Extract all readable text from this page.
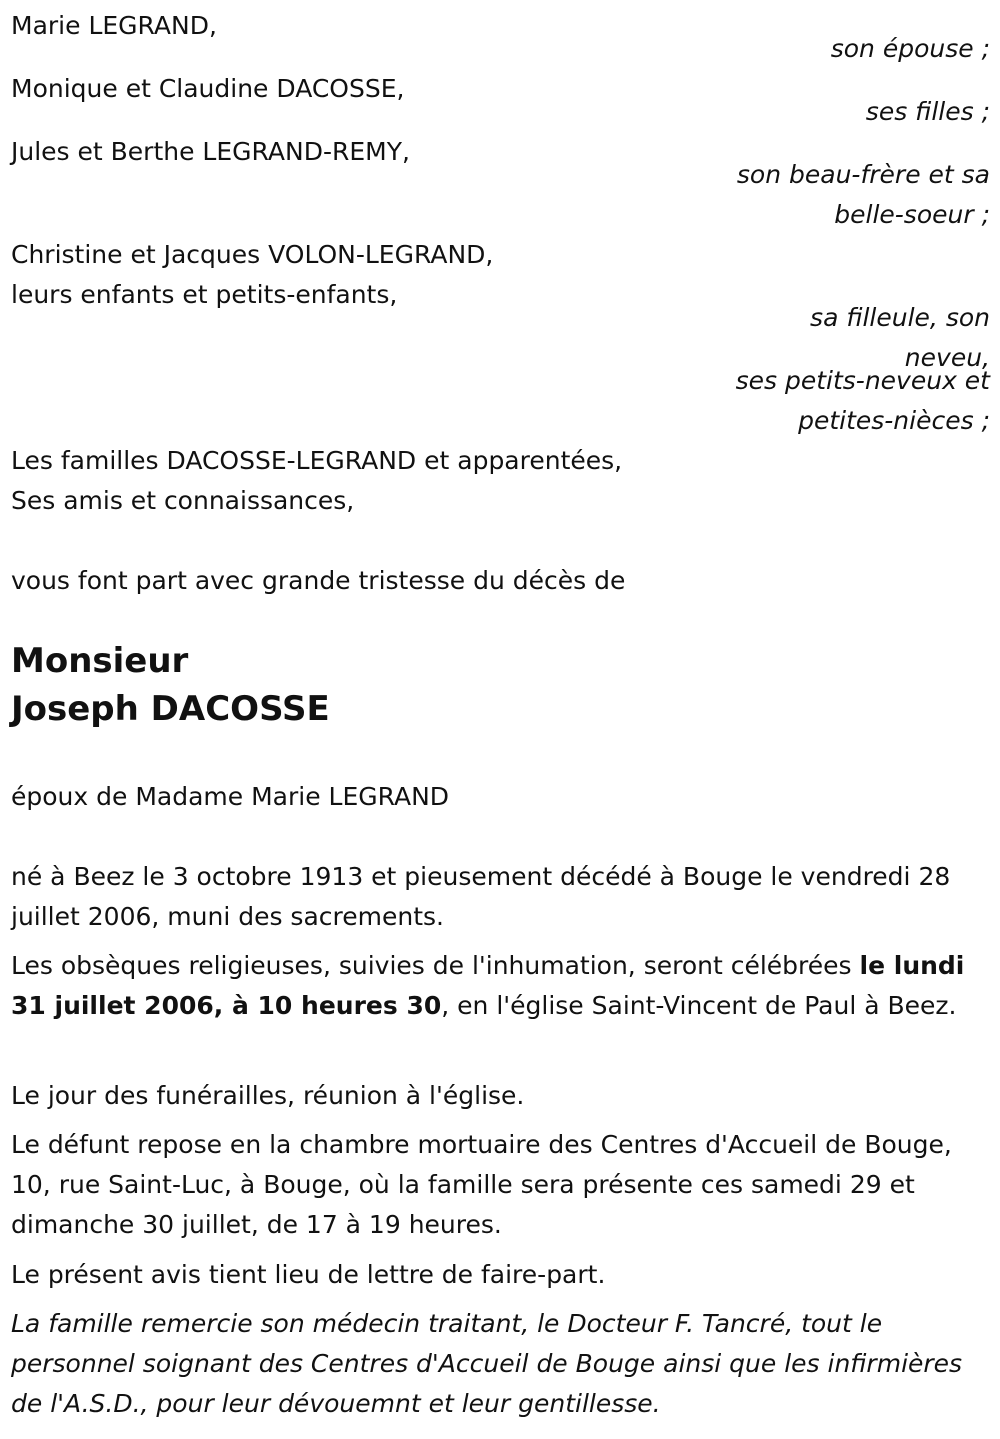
Marie LEGRAND,
son épouse ;
Monique et Claudine DACOSSE,
ses filles ;
Jules et Berthe LEGRAND-REMY,
son beau-frère et sa
belle-soeur ;
Christine et Jacques VOLON-LEGRAND,
leurs enfants et petits-enfants,
sa filleule, son
neveu,
ses petits-neveux et
petites-nièces ;
Les familles DACOSSE-LEGRAND et apparentées,
Ses amis et connaissances,
vous font part avec grande tristesse du décès de
Monsieur
Joseph DACOSSE
époux de Madame Marie LEGRAND
né à Beez le 3 octobre 1913 et pieusement décédé à Bouge le vendredi 28 juillet 2006, muni des sacrements.
Les obsèques religieuses, suivies de l'inhumation, seront célébrées le lundi 31 juillet 2006, à 10 heures 30, en l'église Saint-Vincent de Paul à Beez.
Le jour des funérailles, réunion à l'église.
Le défunt repose en la chambre mortuaire des Centres d'Accueil de Bouge, 10, rue Saint-Luc, à Bouge, où la famille sera présente ces samedi 29 et dimanche 30 juillet, de 17 à 19 heures.
Le présent avis tient lieu de lettre de faire-part.
La famille remercie son médecin traitant, le Docteur F. Tancré, tout le personnel soignant des Centres d'Accueil de Bouge ainsi que les infirmières de l'A.S.D., pour leur dévouemnt et leur gentillesse.
